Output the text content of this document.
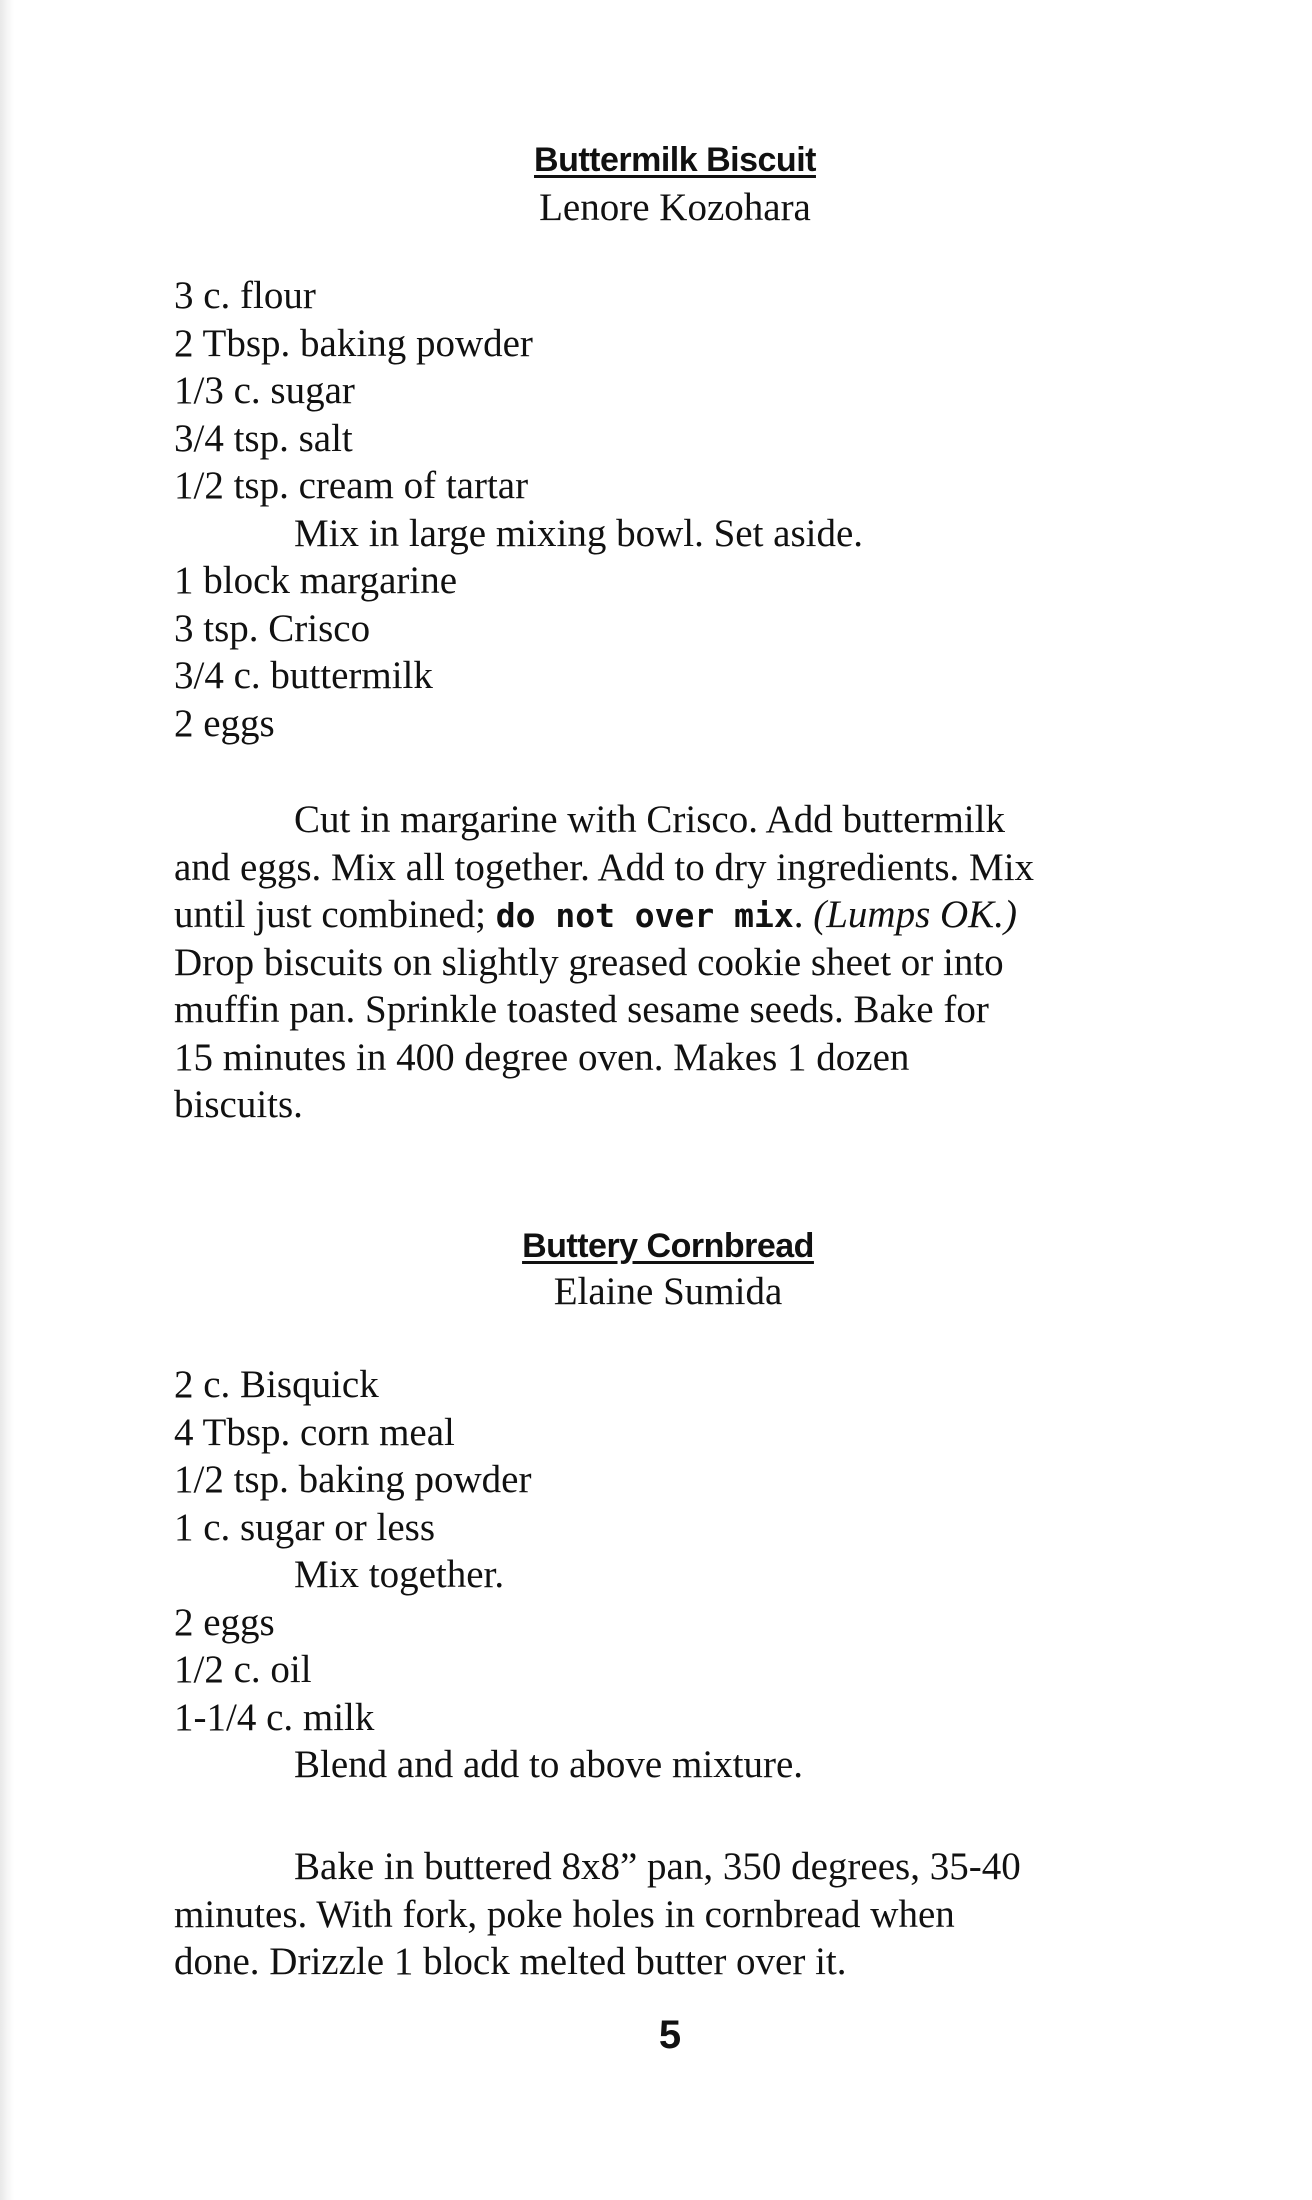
Buttermilk Biscuit
Lenore Kozohara
3 c. flour
2 Tbsp. baking powder
1/3 c. sugar
3/4 tsp. salt
1/2 tsp. cream of tartar
Mix in large mixing bowl. Set aside.
1 block margarine
3 tsp. Crisco
3/4 c. buttermilk
2 eggs
Cut in margarine with Crisco. Add buttermilk
and eggs. Mix all together. Add to dry ingredients. Mix
until just combined; do not over mix. (Lumps OK.)
Drop biscuits on slightly greased cookie sheet or into
muffin pan. Sprinkle toasted sesame seeds. Bake for
15 minutes in 400 degree oven. Makes 1 dozen
biscuits.
Buttery Cornbread
Elaine Sumida
2 c. Bisquick
4 Tbsp. corn meal
1/2 tsp. baking powder
1 c. sugar or less
Mix together.
2 eggs
1/2 c. oil
1-1/4 c. milk
Blend and add to above mixture.
Bake in buttered 8x8” pan, 350 degrees, 35-40
minutes. With fork, poke holes in cornbread when
done. Drizzle 1 block melted butter over it.
5
